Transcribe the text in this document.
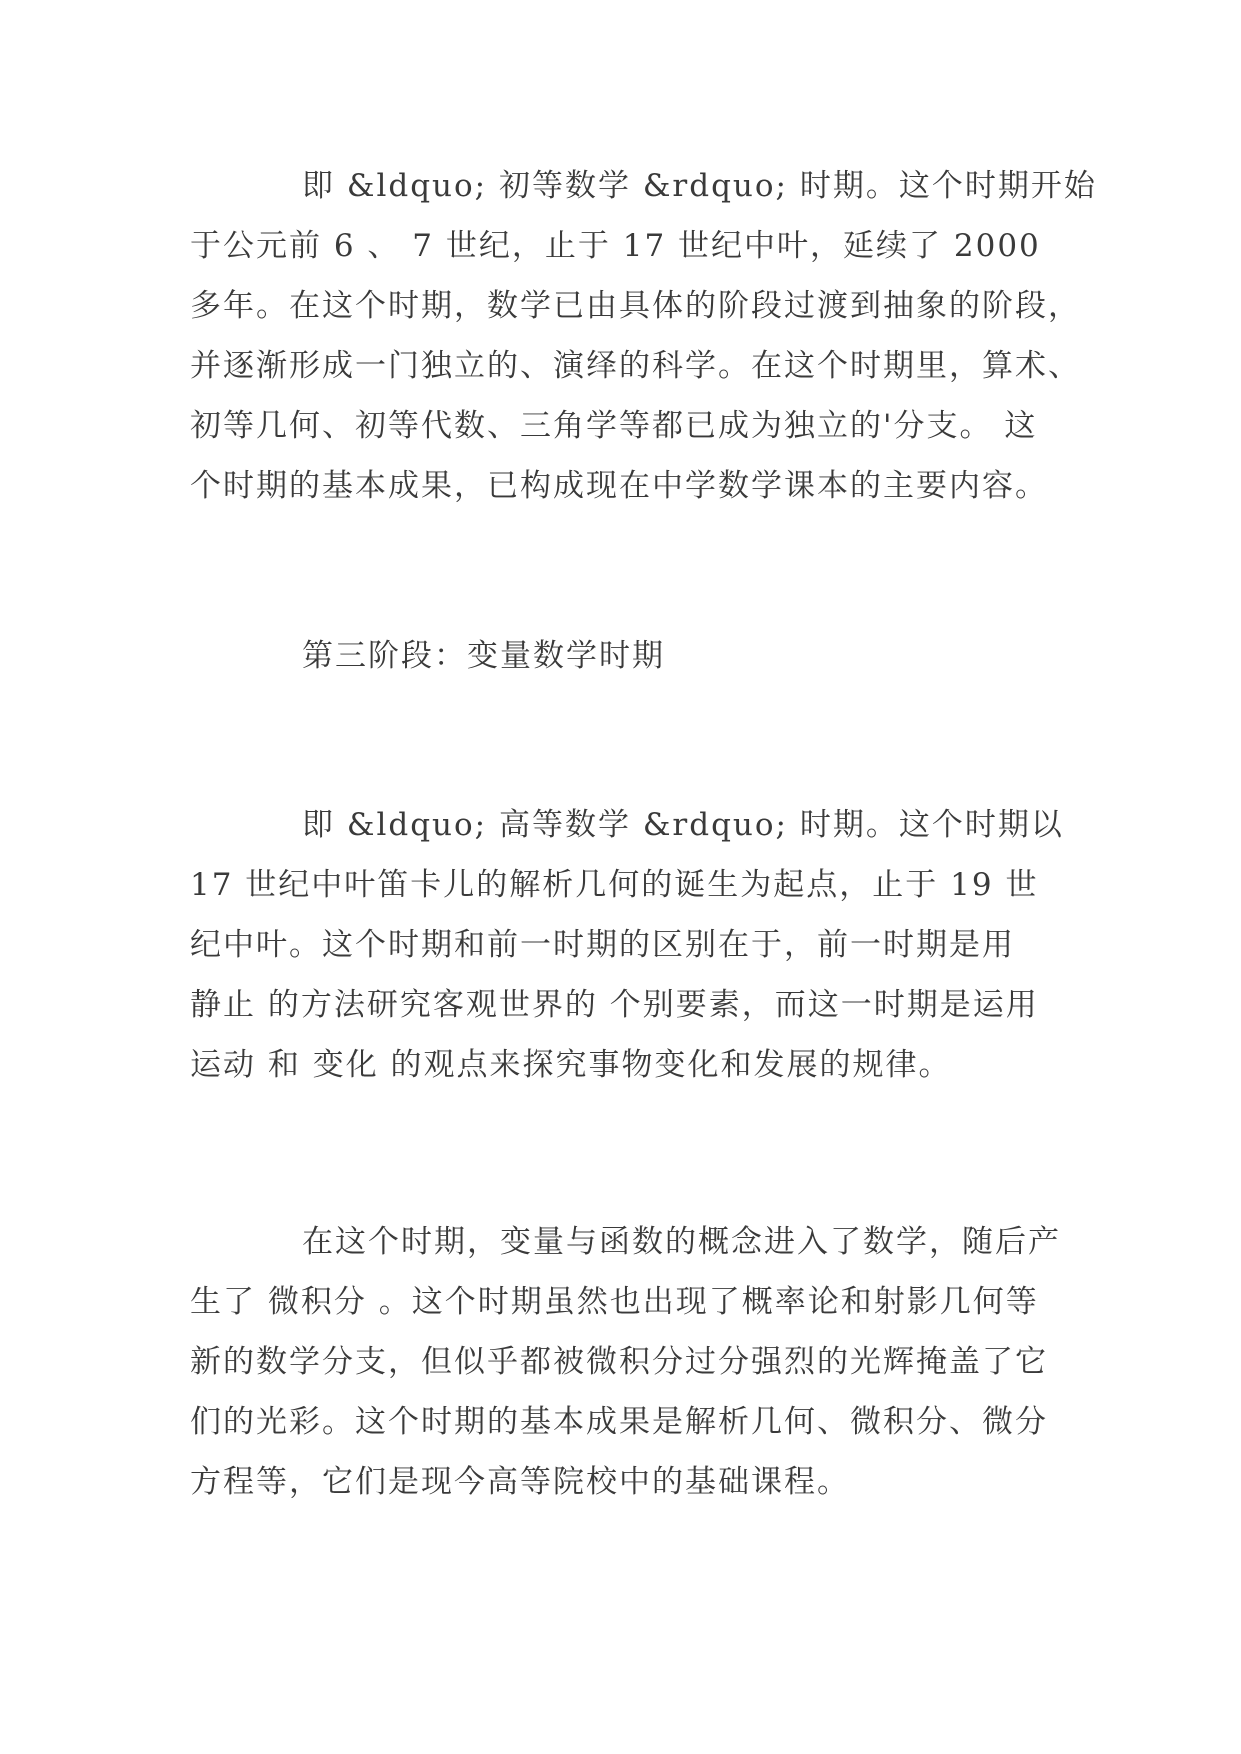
即 &ldquo; 初等数学 &rdquo; 时期。这个时期开始
于公元前 6 、 7 世纪，止于 17 世纪中叶，延续了 2000
多年。在这个时期，数学已由具体的阶段过渡到抽象的阶段，
并逐渐形成一门独立的、演绎的科学。在这个时期里，算术、
初等几何、初等代数、三角学等都已成为独立的'分支。 这
个时期的基本成果，已构成现在中学数学课本的主要内容。
第三阶段：变量数学时期
即 &ldquo; 高等数学 &rdquo; 时期。这个时期以
17 世纪中叶笛卡儿的解析几何的诞生为起点，止于 19 世
纪中叶。这个时期和前一时期的区别在于，前一时期是用
静止 的方法研究客观世界的 个别要素，而这一时期是运用
运动 和 变化 的观点来探究事物变化和发展的规律。
在这个时期，变量与函数的概念进入了数学，随后产
生了 微积分 。这个时期虽然也出现了概率论和射影几何等
新的数学分支，但似乎都被微积分过分强烈的光辉掩盖了它
们的光彩。这个时期的基本成果是解析几何、微积分、微分
方程等，它们是现今高等院校中的基础课程。
